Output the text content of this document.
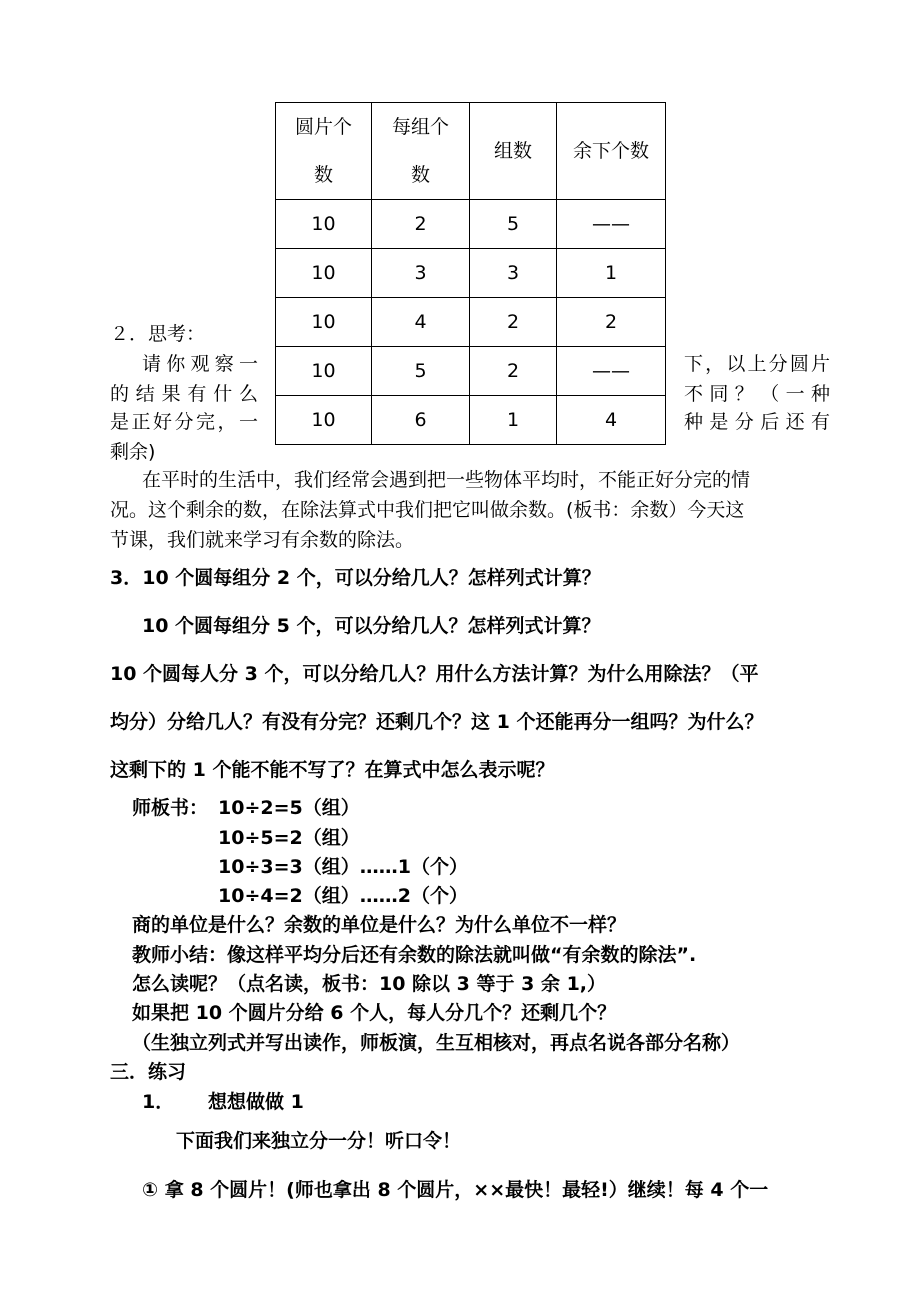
圆片个数	每组个数	组数	余下个数
10	2	5	——
10	3	3	1
10	4	2	2
10	5	2	——
10	6	1	4
２．思考：
请你观察一
的结果有什么
是正好分完，一
剩余)
下，以上分圆片
不同？（一种
种是分后还有
在平时的生活中，我们经常会遇到把一些物体平均时，不能正好分完的情
况。这个剩余的数，在除法算式中我们把它叫做余数。(板书：余数）今天这
节课，我们就来学习有余数的除法。
3．10 个圆每组分 2 个，可以分给几人？怎样列式计算？
10 个圆每组分 5 个，可以分给几人？怎样列式计算？
10 个圆每人分 3 个，可以分给几人？用什么方法计算？为什么用除法？（平
均分）分给几人？有没有分完？还剩几个？这 1 个还能再分一组吗？为什么？
这剩下的 1 个能不能不写了？在算式中怎么表示呢？
师板书： 10÷2=5（组）
10÷5=2（组）
10÷3=3（组）……1（个）
10÷4=2（组）……2（个）
商的单位是什么？余数的单位是什么？为什么单位不一样？
教师小结：像这样平均分后还有余数的除法就叫做“有余数的除法”.
怎么读呢？（点名读，板书：10 除以 3 等于 3 余 1,）
如果把 10 个圆片分给 6 个人，每人分几个？还剩几个？
（生独立列式并写出读作，师板演，生互相核对，再点名说各部分名称）
三．练习
1． 想想做做 1
下面我们来独立分一分！听口令！
① 拿 8 个圆片！(师也拿出 8 个圆片，××最快！最轻!）继续！每 4 个一
